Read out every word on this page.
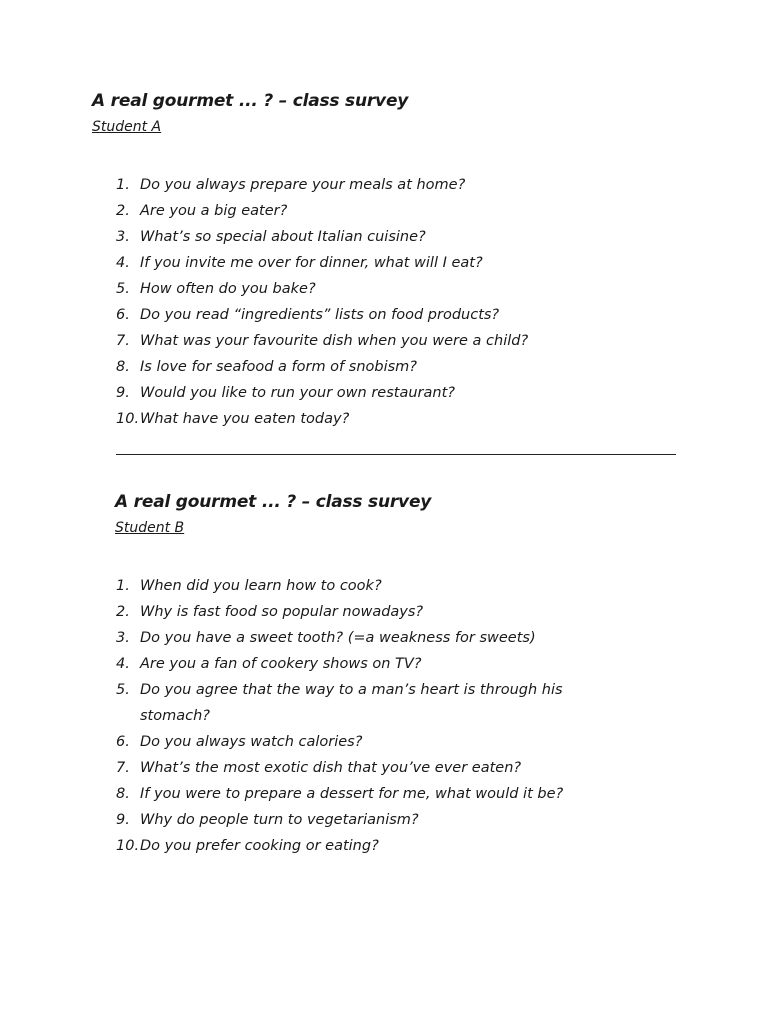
A real gourmet ... ? – class survey
Student A
1. Do you always prepare your meals at home?
2. Are you a big eater?
3. What’s so special about Italian cuisine?
4. If you invite me over for dinner, what will I eat?
5. How often do you bake?
6. Do you read “ingredients” lists on food products?
7. What was your favourite dish when you were a child?
8. Is love for seafood a form of snobism?
9. Would you like to run your own restaurant?
10. What have you eaten today?
A real gourmet ... ? – class survey
Student B
1. When did you learn how to cook?
2. Why is fast food so popular nowadays?
3. Do you have a sweet tooth? (=a weakness for sweets)
4. Are you a fan of cookery shows on TV?
5. Do you agree that the way to a man’s heart is through his stomach?
6. Do you always watch calories?
7. What’s the most exotic dish that you’ve ever eaten?
8. If you were to prepare a dessert for me, what would it be?
9. Why do people turn to vegetarianism?
10. Do you prefer cooking or eating?
